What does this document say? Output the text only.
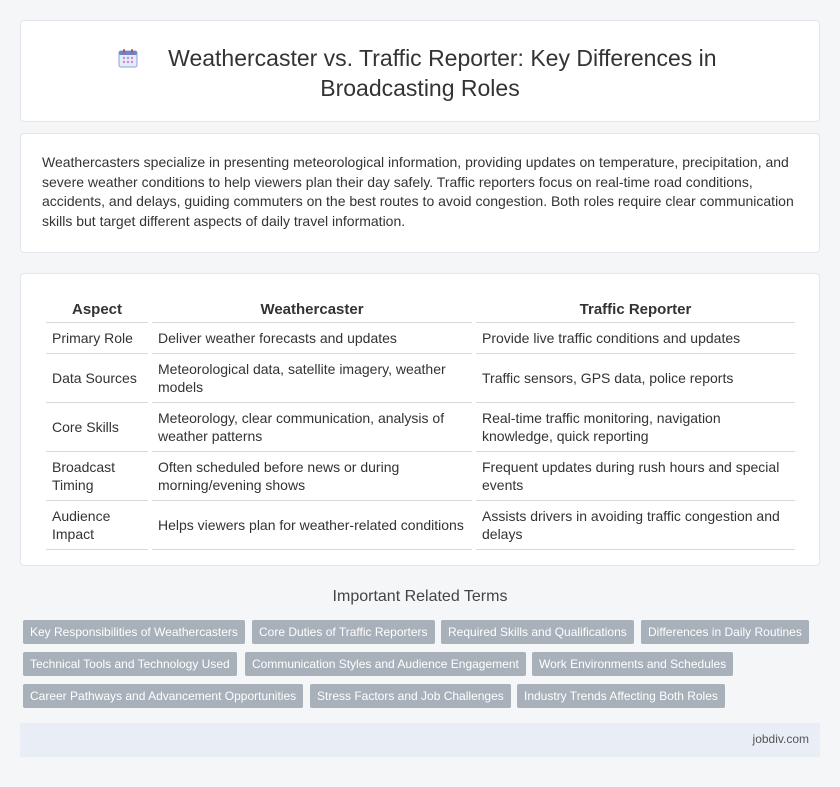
Weathercaster vs. Traffic Reporter: Key Differences in
Broadcasting Roles

Weathercasters specialize in presenting meteorological information, providing updates on temperature, precipitation, and severe weather conditions to help viewers plan their day safely. Traffic reporters focus on real-time road conditions, accidents, and delays, guiding commuters on the best routes to avoid congestion. Both roles require clear communication skills but target different aspects of daily travel information.

Aspect	Weathercaster	Traffic Reporter
Primary Role	Deliver weather forecasts and updates	Provide live traffic conditions and updates
Data Sources	Meteorological data, satellite imagery, weather models	Traffic sensors, GPS data, police reports
Core Skills	Meteorology, clear communication, analysis of weather patterns	Real-time traffic monitoring, navigation knowledge, quick reporting
Broadcast Timing	Often scheduled before news or during morning/evening shows	Frequent updates during rush hours and special events
Audience Impact	Helps viewers plan for weather-related conditions	Assists drivers in avoiding traffic congestion and delays
Important Related Terms
Key Responsibilities of Weathercasters	Core Duties of Traffic Reporters	Required Skills and Qualifications	Differences in Daily Routines
Technical Tools and Technology Used	Communication Styles and Audience Engagement	Work Environments and Schedules
Career Pathways and Advancement Opportunities	Stress Factors and Job Challenges	Industry Trends Affecting Both Roles
jobdiv.com
